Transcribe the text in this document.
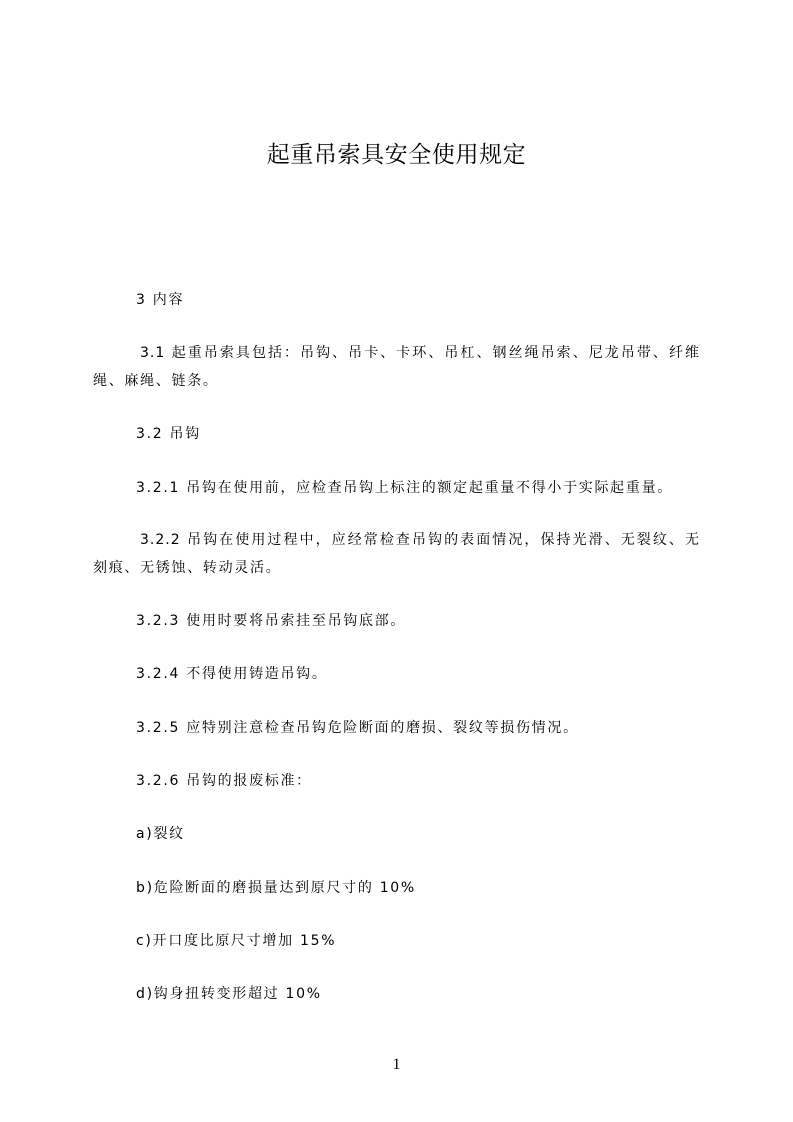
起重吊索具安全使用规定
3 内容
3.1 起重吊索具包括：吊钩、吊卡、卡环、吊杠、钢丝绳吊索、尼龙吊带、纤维
绳、麻绳、链条。
3.2 吊钩
3.2.1 吊钩在使用前，应检查吊钩上标注的额定起重量不得小于实际起重量。
3.2.2 吊钩在使用过程中，应经常检查吊钩的表面情况，保持光滑、无裂纹、无
刻痕、无锈蚀、转动灵活。
3.2.3 使用时要将吊索挂至吊钩底部。
3.2.4 不得使用铸造吊钩。
3.2.5 应特别注意检查吊钩危险断面的磨损、裂纹等损伤情况。
3.2.6 吊钩的报废标准：
a)裂纹
b)危险断面的磨损量达到原尺寸的 10%
c)开口度比原尺寸增加 15%
d)钩身扭转变形超过 10%
1
